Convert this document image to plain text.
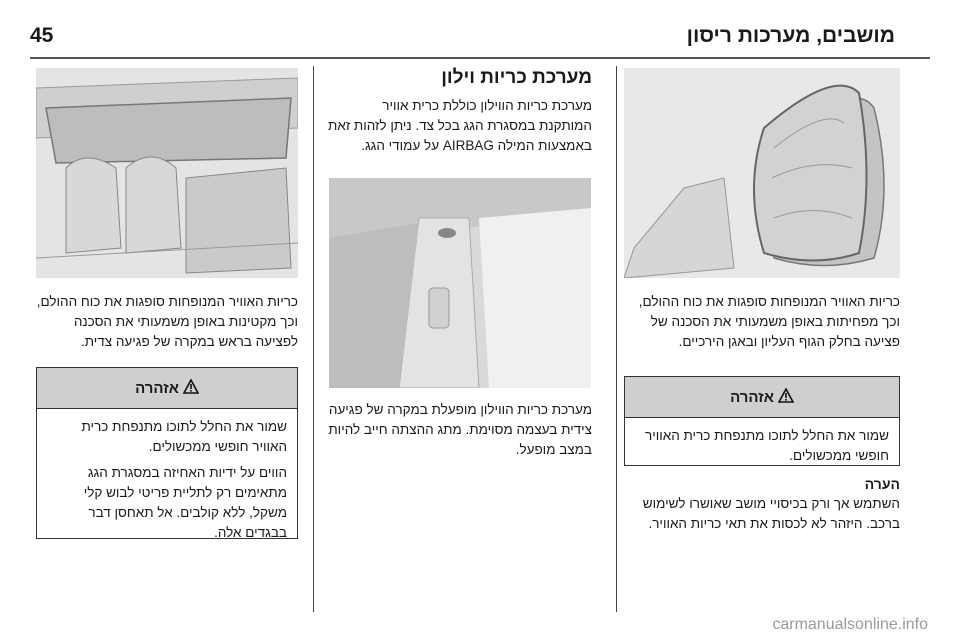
45	מושבים, מערכות ריסון

כריות האוויר המנופחות סופגות את כוח ההולם, וכך מפחיתות באופן משמעותי את הסכנה של פציעה בחלק הגוף העליון ובאגן הירכיים.

אזהרה

שמור את החלל לתוכו מתנפחת כרית האוויר חופשי ממכשולים.

הערה

השתמש אך ורק בכיסויי מושב שאושרו לשימוש ברכב. היזהר לא לכסות את תאי כריות האוויר.

מערכת כריות וילון

מערכת כריות הווילון כוללת כרית אוויר המותקנת במסגרת הגג בכל צד. ניתן לזהות זאת באמצעות המילה AIRBAG על עמודי הגג.

מערכת כריות הווילון מופעלת במקרה של פגיעה צידית בעצמה מסוימת. מתג ההצתה חייב להיות במצב מופעל.

כריות האוויר המנופחות סופגות את כוח ההולם, וכך מקטינות באופן משמעותי את הסכנה לפציעה בראש במקרה של פגיעה צדית.

אזהרה

שמור את החלל לתוכו מתנפחת כרית האוויר חופשי ממכשולים.

הווים על ידיות האחיזה במסגרת הגג מתאימים רק לתליית פריטי לבוש קלי משקל, ללא קולבים. אל תאחסן דבר בבגדים אלה.

carmanualsonline.info
